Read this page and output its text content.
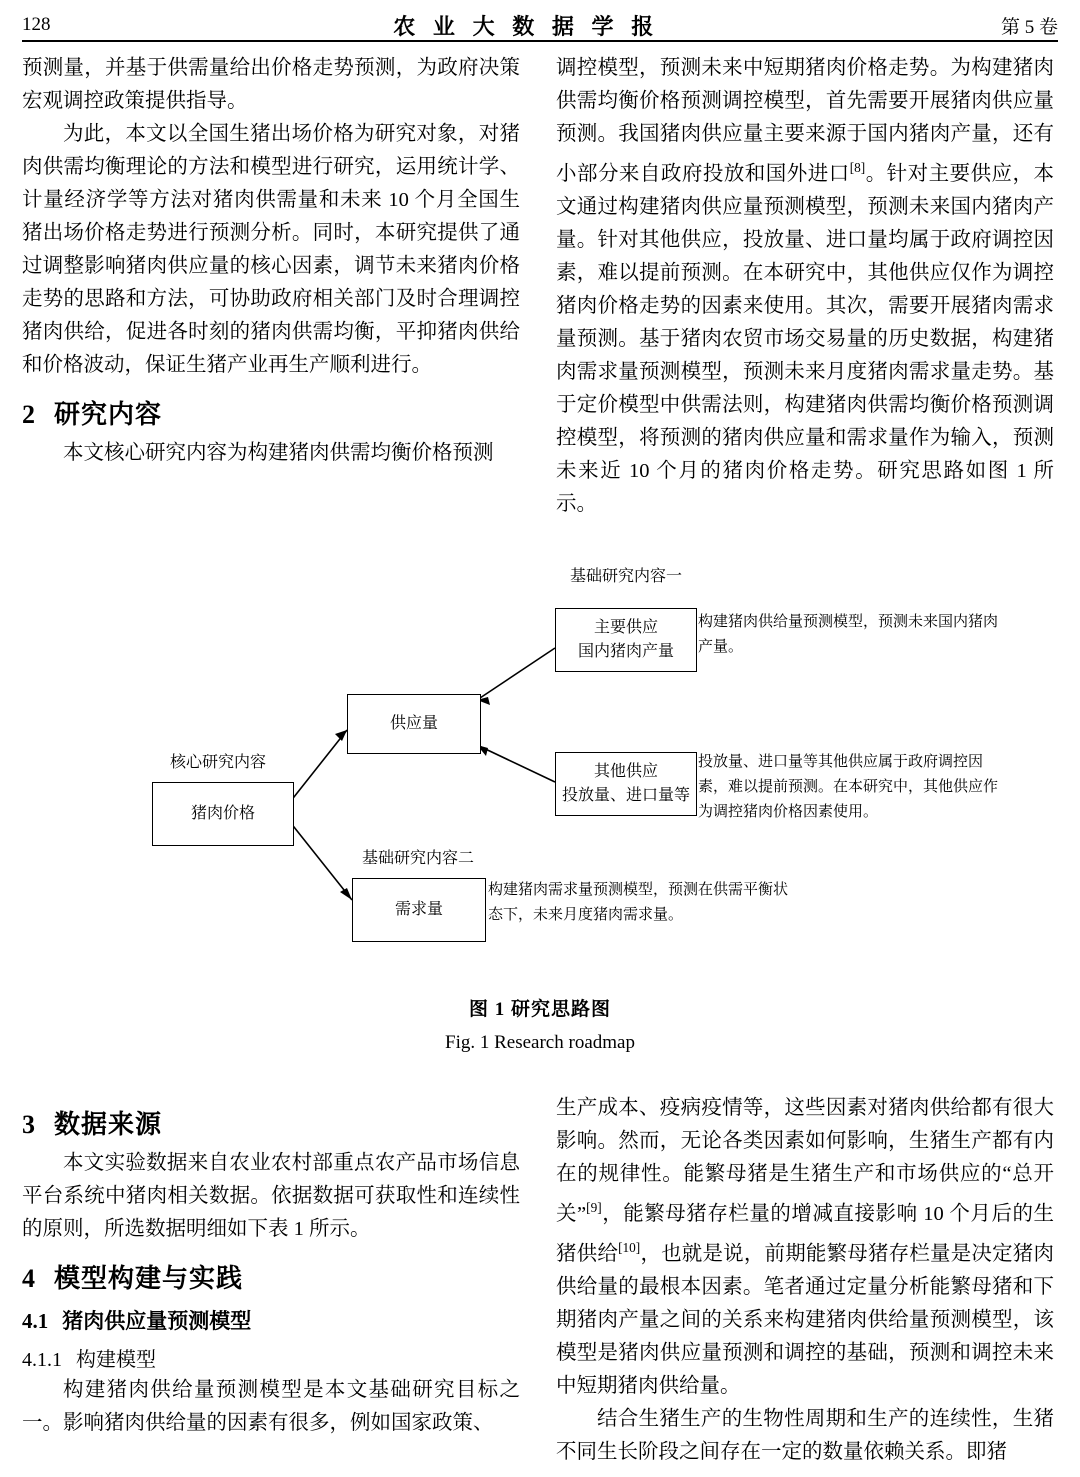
128	农 业 大 数 据 学 报	第 5 卷

预测量，并基于供需量给出价格走势预测，为政府决策宏观调控政策提供指导。

为此，本文以全国生猪出场价格为研究对象，对猪肉供需均衡理论的方法和模型进行研究，运用统计学、计量经济学等方法对猪肉供需量和未来 10 个月全国生猪出场价格走势进行预测分析。同时，本研究提供了通过调整影响猪肉供应量的核心因素，调节未来猪肉价格走势的思路和方法，可协助政府相关部门及时合理调控猪肉供给，促进各时刻的猪肉供需均衡，平抑猪肉供给和价格波动，保证生猪产业再生产顺利进行。

2 研究内容

本文核心研究内容为构建猪肉供需均衡价格预测

调控模型，预测未来中短期猪肉价格走势。为构建猪肉供需均衡价格预测调控模型，首先需要开展猪肉供应量预测。我国猪肉供应量主要来源于国内猪肉产量，还有小部分来自政府投放和国外进口[8]。针对主要供应，本文通过构建猪肉供应量预测模型，预测未来国内猪肉产量。针对其他供应，投放量、进口量均属于政府调控因素，难以提前预测。在本研究中，其他供应仅作为调控猪肉价格走势的因素来使用。其次，需要开展猪肉需求量预测。基于猪肉农贸市场交易量的历史数据，构建猪肉需求量预测模型，预测未来月度猪肉需求量走势。基于定价模型中供需法则，构建猪肉供需均衡价格预测调控模型，将预测的猪肉供应量和需求量作为输入，预测未来近 10 个月的猪肉价格走势。研究思路如图 1 所示。

核心研究内容
基础研究内容一
基础研究内容二
猪肉价格
供应量
主要供应
国内猪肉产量
其他供应
投放量、进口量等
需求量
构建猪肉供给量预测模型，预测未来国内猪肉产量。
投放量、进口量等其他供应属于政府调控因素，难以提前预测。在本研究中，其他供应作为调控猪肉价格因素使用。
构建猪肉需求量预测模型，预测在供需平衡状态下，未来月度猪肉需求量。
图 1 研究思路图
Fig. 1 Research roadmap
3 数据来源

本文实验数据来自农业农村部重点农产品市场信息平台系统中猪肉相关数据。依据数据可获取性和连续性的原则，所选数据明细如下表 1 所示。

4 模型构建与实践
4.1 猪肉供应量预测模型
4.1.1 构建模型

构建猪肉供给量预测模型是本文基础研究目标之一。影响猪肉供给量的因素有很多，例如国家政策、

生产成本、疫病疫情等，这些因素对猪肉供给都有很大影响。然而，无论各类因素如何影响，生猪生产都有内在的规律性。能繁母猪是生猪生产和市场供应的“总开关”[9]，能繁母猪存栏量的增减直接影响 10 个月后的生猪供给[10]，也就是说，前期能繁母猪存栏量是决定猪肉供给量的最根本因素。笔者通过定量分析能繁母猪和下期猪肉产量之间的关系来构建猪肉供给量预测模型，该模型是猪肉供应量预测和调控的基础，预测和调控未来中短期猪肉供给量。

结合生猪生产的生物性周期和生产的连续性，生猪不同生长阶段之间存在一定的数量依赖关系。即猪
